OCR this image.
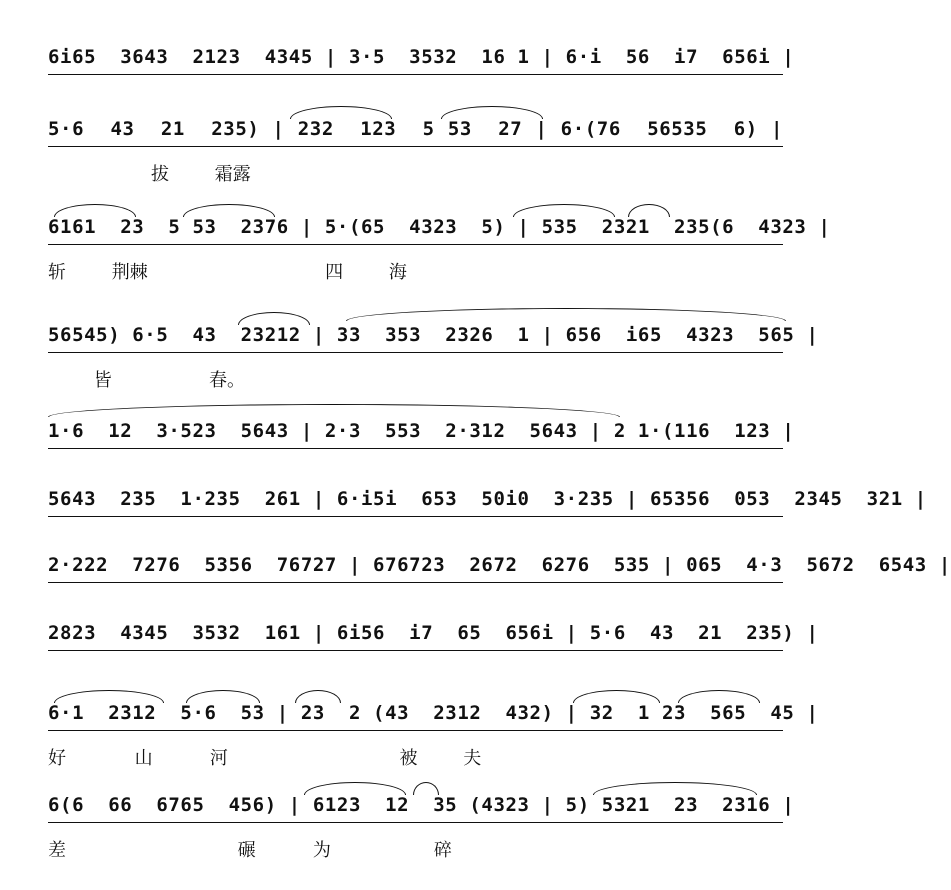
6i65  3643  2123  4345 | 3·5  3532  16 1 | 6·i  56  i7  656i |
5·6  43  21  235) | 232  123  5 53  27 | 6·(76  56535  6) |
拔        霜露
6161  23  5 53  2376 | 5·(65  4323  5) | 535  2321  235(6  4323 |
斩        荆棘                               四        海
56545) 6·5  43  23212 | 33  353  2326  1 | 656  i65  4323  565 |
皆                 春。
1·6  12  3·523  5643 | 2·3  553  2·312  5643 | 2 1·(116  123 |
5643  235  1·235  261 | 6·i5i  653  50i0  3·235 | 65356  053  2345  321 |
2·222  7276  5356  76727 | 676723  2672  6276  535 | 065  4·3  5672  6543 |
2823  4345  3532  161 | 6i56  i7  65  656i | 5·6  43  21  235) |
6·1  2312  5·6  53 | 23  2 (43  2312  432) | 32  1 23  565  45 |
好            山          河                              被        夫
6(6  66  6765  456) | 6123  12  35 (4323 | 5) 5321  23  2316 |
差                              碾          为                  碎
